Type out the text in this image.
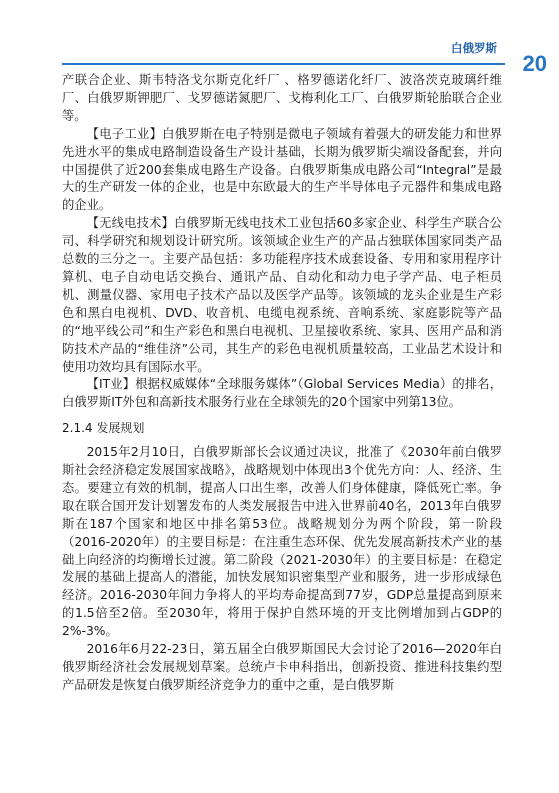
白俄罗斯
20

产联合企业、斯韦特洛戈尔斯克化纤厂 、格罗德诺化纤厂、波洛茨克玻璃纤维厂、白俄罗斯钾肥厂、戈罗德诺氮肥厂、戈梅利化工厂、白俄罗斯轮胎联合企业等。

【电子工业】白俄罗斯在电子特别是微电子领域有着强大的研发能力和世界先进水平的集成电路制造设备生产设计基础，长期为俄罗斯尖端设备配套，并向中国提供了近200套集成电路生产设备。白俄罗斯集成电路公司“Integral”是最大的生产研发一体的企业，也是中东欧最大的生产半导体电子元器件和集成电路的企业。

【无线电技术】白俄罗斯无线电技术工业包括60多家企业、科学生产联合公司、科学研究和规划设计研究所。该领域企业生产的产品占独联体国家同类产品总数的三分之一。主要产品包括：多功能程序技术成套设备、专用和家用程序计算机、电子自动电话交换台、通讯产品、自动化和动力电子学产品、电子柜员机、测量仪器、家用电子技术产品以及医学产品等。该领域的龙头企业是生产彩色和黑白电视机、DVD、收音机、电缆电视系统、音响系统、家庭影院等产品的“地平线公司”和生产彩色和黑白电视机、卫星接收系统、家具、医用产品和消防技术产品的“维佳济”公司，其生产的彩色电视机质量较高，工业品艺术设计和使用功效均具有国际水平。

【IT业】根据权威媒体“全球服务媒体”（Global Services Media）的排名，白俄罗斯IT外包和高新技术服务行业在全球领先的20个国家中列第13位。

2.1.4 发展规划

2015年2月10日，白俄罗斯部长会议通过决议，批准了《2030年前白俄罗斯社会经济稳定发展国家战略》，战略规划中体现出3个优先方向：人、经济、生态。要建立有效的机制，提高人口出生率，改善人们身体健康，降低死亡率。争取在联合国开发计划署发布的人类发展报告中进入世界前40名，2013年白俄罗斯在187个国家和地区中排名第53位。战略规划分为两个阶段，第一阶段（2016-2020年）的主要目标是：在注重生态环保、优先发展高新技术产业的基础上向经济的均衡增长过渡。第二阶段（2021-2030年）的主要目标是：在稳定发展的基础上提高人的潜能，加快发展知识密集型产业和服务，进一步形成绿色经济。2016-2030年间力争将人的平均寿命提高到77岁，GDP总量提高到原来的1.5倍至2倍。至2030年，将用于保护自然环境的开支比例增加到占GDP的2%-3%。

2016年6月22-23日，第五届全白俄罗斯国民大会讨论了2016—2020年白俄罗斯经济社会发展规划草案。总统卢卡申科指出，创新投资、推进科技集约型产品研发是恢复白俄罗斯经济竞争力的重中之重，是白俄罗斯
